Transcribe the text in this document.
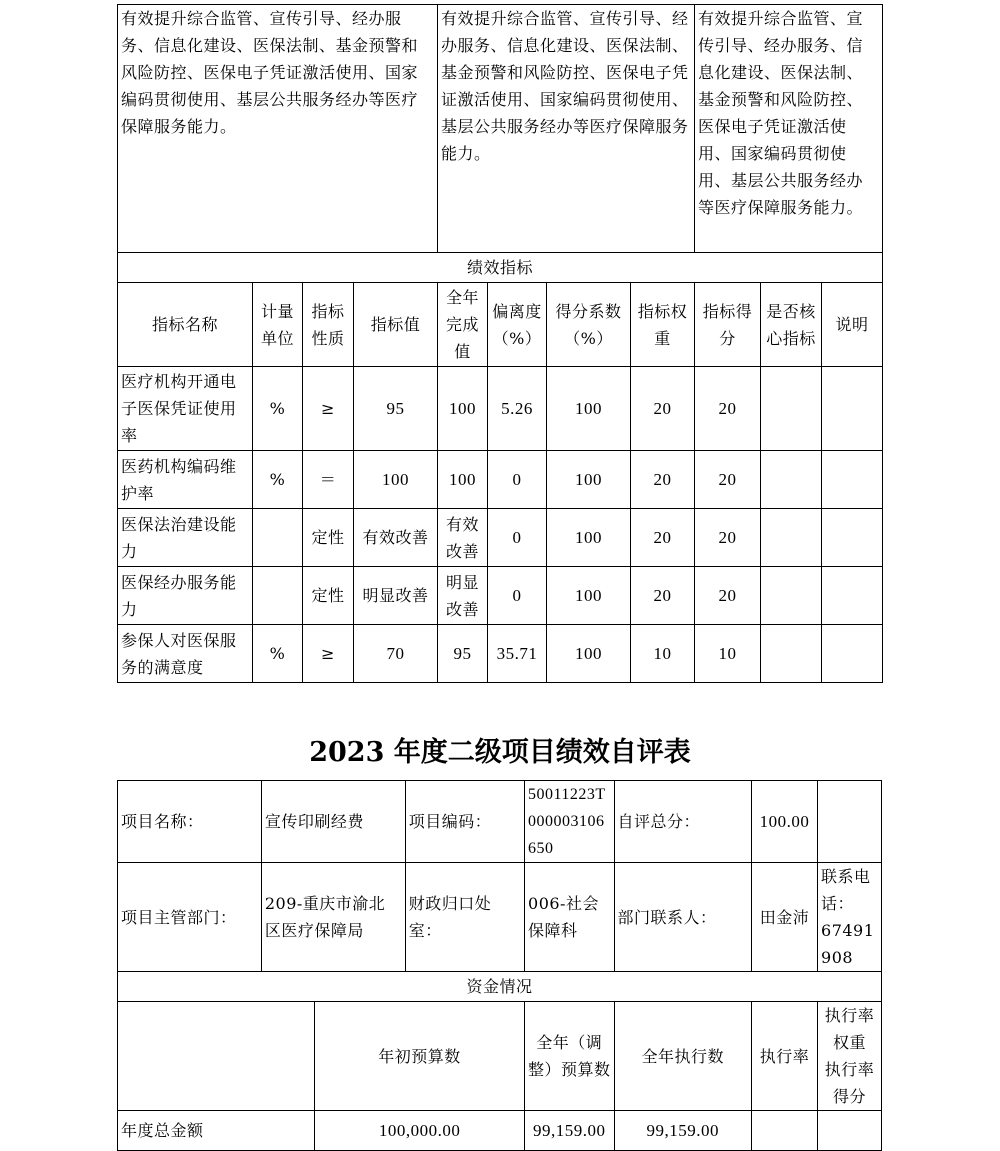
有效提升综合监管、宣传引导、经办服务、信息化建设、医保法制、基金预警和风险防控、医保电子凭证激活使用、国家编码贯彻使用、基层公共服务经办等医疗保障服务能力。				有效提升综合监管、宣传引导、经办服务、信息化建设、医保法制、基金预警和风险防控、医保电子凭证激活使用、国家编码贯彻使用、基层公共服务经办等医疗保障服务能力。				有效提升综合监管、宣传引导、经办服务、信息化建设、医保法制、基金预警和风险防控、医保电子凭证激活使用、国家编码贯彻使用、基层公共服务经办等医疗保障服务能力。		
绩效指标										
指标名称	计量单位	指标性质	指标值	全年完成值	偏离度（%）	得分系数（%）	指标权重	指标得分	是否核心指标	说明
医疗机构开通电子医保凭证使用率	%	≥	95	100	5.26	100	20	20		
医药机构编码维护率	%	＝	100	100	0	100	20	20		
医保法治建设能力		定性	有效改善	有效改善	0	100	20	20		
医保经办服务能力		定性	明显改善	明显改善	0	100	20	20		
参保人对医保服务的满意度	%	≥	70	95	35.71	100	10	10		
2023 年度二级项目绩效自评表
项目名称：	宣传印刷经费		项目编码：	50011223T000003106650	自评总分：	100.00	
项目主管部门：	209-重庆市渝北区医疗保障局		财政归口处室：	006-社会保障科	部门联系人：	田金沛	联系电话：
67491908
资金情况							
		年初预算数		全年（调整）预算数	全年执行数	执行率	执行率权重
执行率得分
年度总金额		100,000.00		99,159.00	99,159.00		
